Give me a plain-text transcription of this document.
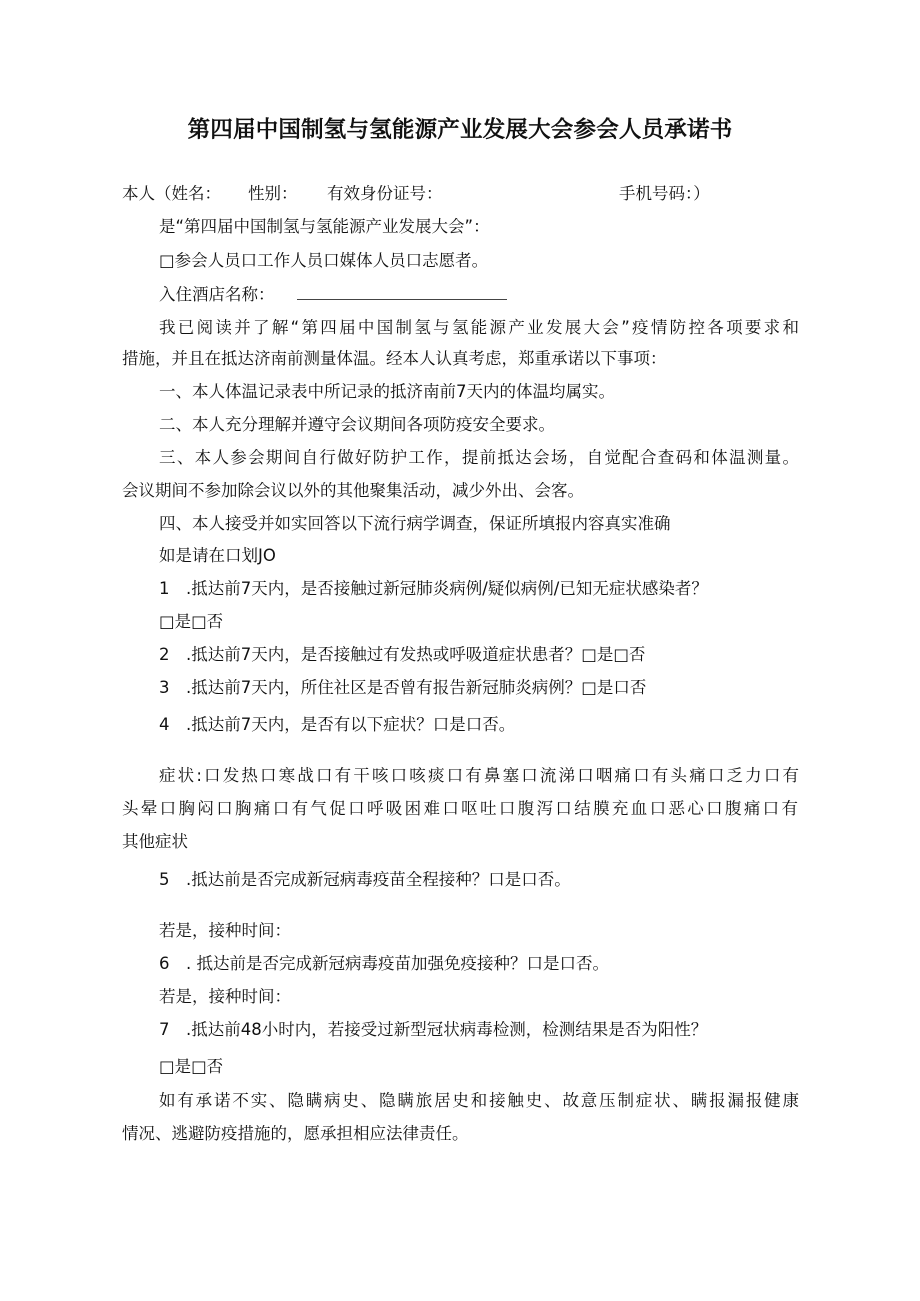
第四届中国制氢与氢能源产业发展大会参会人员承诺书
本人（姓名： 性别： 有效身份证号：	手机号码：）
是“第四届中国制氢与氢能源产业发展大会”：
□参会人员口工作人员口媒体人员口志愿者。
入住酒店名称：
我已阅读并了解“第四届中国制氢与氢能源产业发展大会”疫情防控各项要求和
措施，并且在抵达济南前测量体温。经本人认真考虑，郑重承诺以下事项：
一、本人体温记录表中所记录的抵济南前7天内的体温均属实。
二、本人充分理解并遵守会议期间各项防疫安全要求。
三、本人参会期间自行做好防护工作，提前抵达会场，自觉配合查码和体温测量。
会议期间不参加除会议以外的其他聚集活动，减少外出、会客。
四、本人接受并如实回答以下流行病学调查，保证所填报内容真实准确
如是请在口划JO
1　.抵达前7天内，是否接触过新冠肺炎病例/疑似病例/已知无症状感染者？
□是□否
2　.抵达前7天内，是否接触过有发热或呼吸道症状患者？□是□否
3　.抵达前7天内，所住社区是否曾有报告新冠肺炎病例？□是口否
4　.抵达前7天内，是否有以下症状？口是口否。
症状:口发热口寒战口有干咳口咳痰口有鼻塞口流涕口咽痛口有头痛口乏力口有
头晕口胸闷口胸痛口有气促口呼吸困难口呕吐口腹泻口结膜充血口恶心口腹痛口有
其他症状
5　.抵达前是否完成新冠病毒疫苗全程接种？口是口否。
若是，接种时间：
6　. 抵达前是否完成新冠病毒疫苗加强免疫接种？口是口否。
若是，接种时间：
7　.抵达前48小时内，若接受过新型冠状病毒检测，检测结果是否为阳性？
□是□否
如有承诺不实、隐瞒病史、隐瞒旅居史和接触史、故意压制症状、瞒报漏报健康
情况、逃避防疫措施的，愿承担相应法律责任。
